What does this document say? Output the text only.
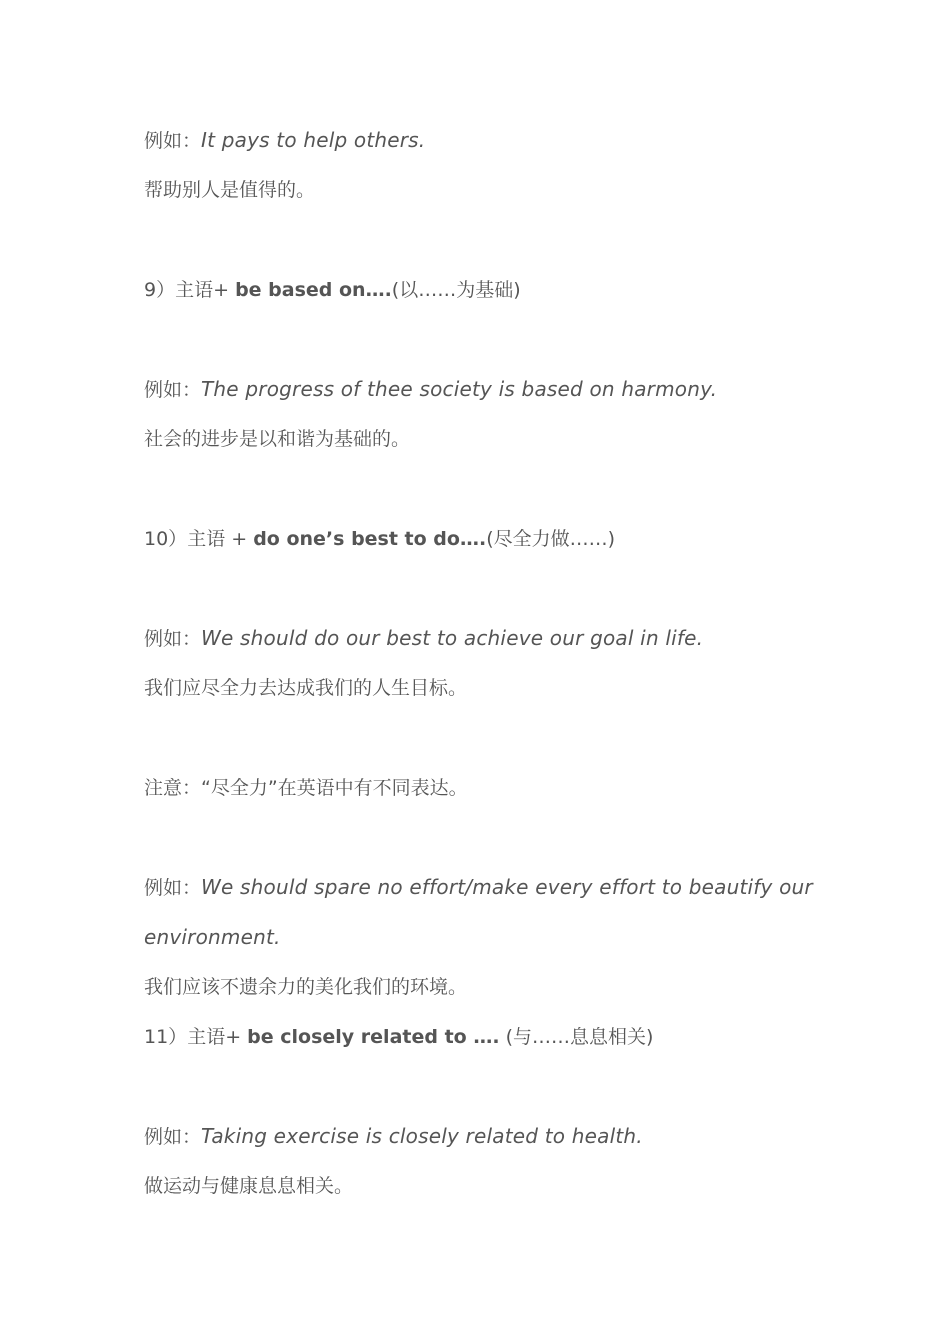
例如：It pays to help others.
帮助别人是值得的。
9）主语+ be based on….(以……为基础)
例如：The progress of thee society is based on harmony.
社会的进步是以和谐为基础的。
10）主语 + do one’s best to do….(尽全力做……)
例如：We should do our best to achieve our goal in life.
我们应尽全力去达成我们的人生目标。
注意：“尽全力”在英语中有不同表达。
例如：We should spare no effort/make every effort to beautify our
environment.
我们应该不遗余力的美化我们的环境。
11）主语+ be closely related to …. (与……息息相关)
例如：Taking exercise is closely related to health.
做运动与健康息息相关。
